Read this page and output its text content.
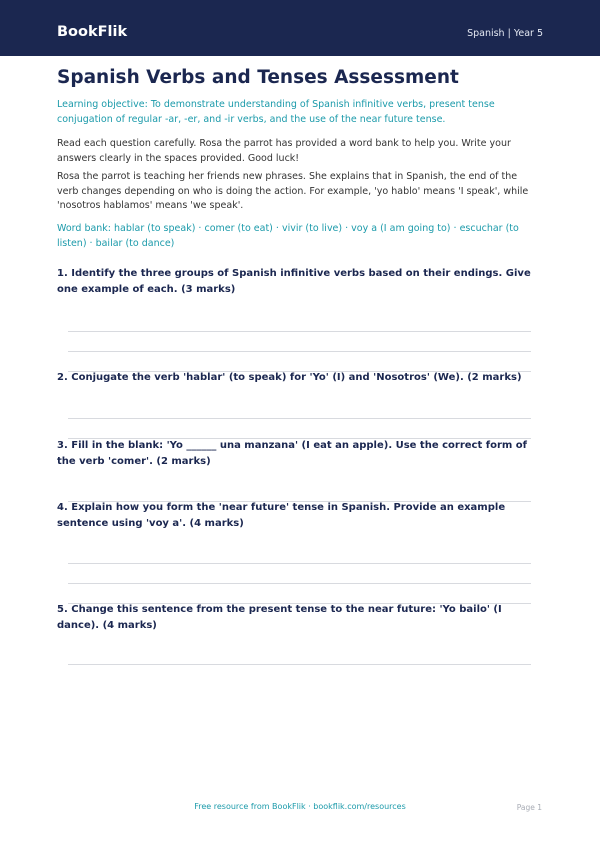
BookFlik	Spanish | Year 5
Spanish Verbs and Tenses Assessment

Learning objective: To demonstrate understanding of Spanish infinitive verbs, present tense conjugation of regular -ar, -er, and -ir verbs, and the use of the near future tense.

Read each question carefully. Rosa the parrot has provided a word bank to help you. Write your answers clearly in the spaces provided. Good luck!

Rosa the parrot is teaching her friends new phrases. She explains that in Spanish, the end of the verb changes depending on who is doing the action. For example, 'yo hablo' means 'I speak', while 'nosotros hablamos' means 'we speak'.

Word bank: hablar (to speak) · comer (to eat) · vivir (to live) · voy a (I am going to) · escuchar (to listen) · bailar (to dance)

1. Identify the three groups of Spanish infinitive verbs based on their endings. Give one example of each. (3 marks)

2. Conjugate the verb 'hablar' (to speak) for 'Yo' (I) and 'Nosotros' (We). (2 marks)

3. Fill in the blank: 'Yo ______ una manzana' (I eat an apple). Use the correct form of the verb 'comer'. (2 marks)

4. Explain how you form the 'near future' tense in Spanish. Provide an example sentence using 'voy a'. (4 marks)

5. Change this sentence from the present tense to the near future: 'Yo bailo' (I dance). (4 marks)

Free resource from BookFlik · bookflik.com/resources	Page 1
